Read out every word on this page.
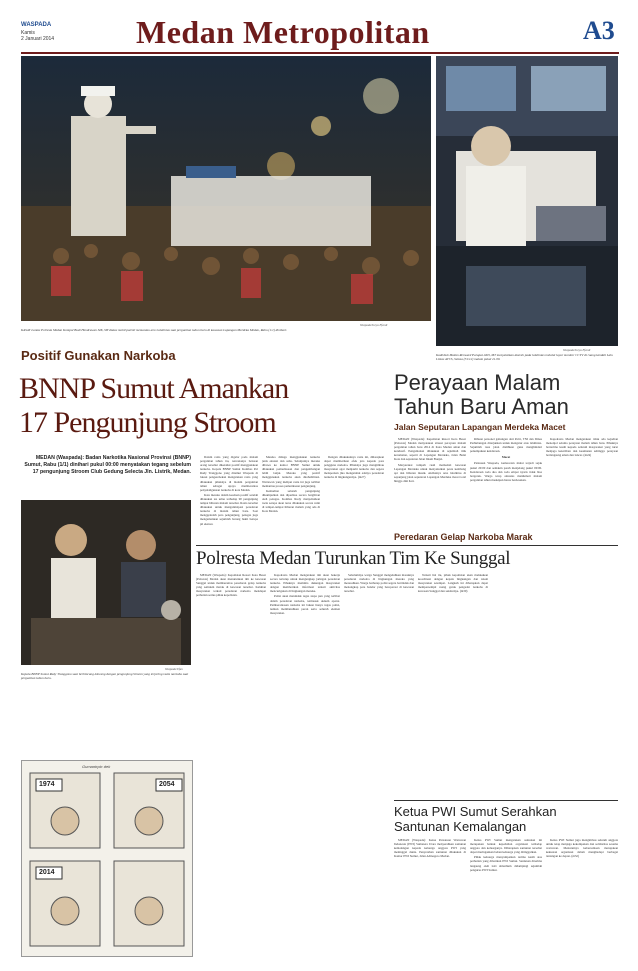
WASPADA
Kamis
2 Januari 2014	Medan Metropolitan	A3
Waspada/Surya Efendi
KASAT Lantas Polresta Medan Kompol Budi Hendrawan SIK, SH diatas mobil patroli memantau arus lalulintas saat pergantian tahun baru di kawasan Lapangan Merdeka Medan, Rabu (1/1) dinihari.
Waspada/Surya Efendi
Kadishub Medan Renward Parapat ATD, MT menyaksikan daerah pada lalulintas melalui layar monitor CCTV di ruang kendali Lalu Lintas ATCS, Selasa (31/12) malam pukul 21.00.
Positif Gunakan Narkoba
BNNP Sumut Amankan
17 Pengunjung Stroom
MEDAN (Waspada): Badan Narkotika Nasional Provinsi (BNNP) Sumut, Rabu (1/1) dinihari pukul 00:00 menyatakan tegang sebelum 17 pengunjung Stroom Club Gedung Selecta Jln. Listrik, Medan.

Dalam razia yang digelar pada malam pergantian tahun itu, rencananya belasan orang tersebut diketahui positif menggunakan narkoba. Kepala BNNP Sumut Kombes Pol Rudy Tranggono yang ditemui Waspada di lokasi pengerebekan mengatakan razia yang dilakukan pihaknya di malam pergantian tahun sebagai upaya memberantas penyalahgunaan narkoba di kota Medan.

Kata mereka dalam keadaan positif setelah dilakukan tes urine terhadap 90 pengunjung tempat hiburan malam tersebut. Razia tersebut dilakukan untuk mengantisipasi peredaran narkoba di malam tahun baru. Saat menggeledah para pengunjung, petugas juga mengamankan sejumlah barang bukti berupa pil ekstasi.

Mereka diduga menggunakan narkoba jenis ekstasi dan sabu. Selanjutnya mereka dibawa ke kantor BNNP Sumut untuk dilakukan pemeriksaan dan pengembangan lebih lanjut. Mereka yang positif menggunakan narkoba akan direhabilitasi. Wartawan yang meliput razia ini juga terlihat memantau proses pemeriksaan pengunjung.

Kemudian seluruh pengunjung dikumpulkan dan diperiksa secara bergiliran oleh petugas. Kombes Rudy menyebutkan razia serupa akan terus dilakukan secara rutin di tempat-tempat hiburan malam yang ada di Kota Medan.

Dengan dilakukannya razia ini, diharapkan dapat memberikan efek jera kepada para pengguna narkoba. Pihaknya juga mengimbau masyarakat agar menjauhi narkoba dan segera melaporkan jika mengetahui adanya peredaran narkoba di lingkungannya. (m27)

Waspada/Irfan
Kepala BNNP Sumut Rudy Tranggono saat berbincang-bincang dengan pengunjung Stroom yang terjaring razia narkoba saat pergantian tahun baru.
Perayaan Malam
Tahun Baru Aman
Jalan Seputaran Lapangan Merdeka Macet

MEDAN (Waspada): Kepolisian Resort Kota Besar (Polresta) Medan menyatakan situasi perayaan malam pergantian tahun baru 2014 di Kota Medan aman dan kondusif. Pengamanan dilakukan di sejumlah titik keramaian, seperti di Lapangan Merdeka, Jalan Balai Kota dan seputaran Jalan Imam Bonjol.

Masyarakat tumpah ruah memadati kawasan Lapangan Merdeka untuk menyaksikan pesta kembang api dan hiburan musik. Akibatnya arus lalulintas di sepanjang jalan seputaran Lapangan Merdeka macet total hingga dini hari.

Ribuan personel gabungan dari Polri, TNI dan Dinas Perhubungan diterjunkan untuk mengatur arus lalulintas. Sejumlah ruas jalan dialihkan guna menghindari penumpukan kendaraan.

Macet

Pantauan Waspada, kemacetan mulai terjadi sejak pukul 20:00 dan semakin parah menjelang pukul 00:00. Kendaraan roda dua dan roda empat nyaris tidak bisa bergerak. Warga tetap antusias menikmati malam pergantian tahun meskipun harus berdesakan.

Kapolresta Medan mengatakan tidak ada kejadian menonjol selama perayaan malam tahun baru. Pihaknya berterima kasih kepada seluruh masyarakat yang turut menjaga ketertiban dan keamanan sehingga perayaan berlangsung aman dan lancar. (m24)

Peredaran Gelap Narkoba Marak
Polresta Medan Turunkan Tim Ke Sunggal

MEDAN (Waspada): Kepolisian Resort Kota Besar (Polresta) Medan akan menurunkan tim ke kawasan Sunggal untuk memberantas peredaran gelap narkoba yang semakin marak di kawasan tersebut. Keluhan masyarakat terkait peredaran narkoba mendapat perhatian serius pihak kepolisian.

Kapolresta Medan mengatakan tim akan bekerja secara tertutup untuk mengungkap jaringan peredaran narkoba. Pihaknya meminta dukungan masyarakat dengan memberikan informasi terkait aktivitas mencurigakan di lingkungan mereka.

Polisi akan menindak tegas siapa pun yang terlibat dalam peredaran narkoba, termasuk oknum aparat. Pemberantasan narkoba ini bukan hanya tugas polisi, namun membutuhkan peran serta seluruh elemen masyarakat.

Sebelumnya warga Sunggal mengeluhkan maraknya peredaran narkoba di lingkungan mereka yang meresahkan. Warga berharap polisi segera bertindak dan menangkap para bandar yang beroperasi di kawasan tersebut.

Terkait hal itu, pihak kepolisian akan melakukan koordinasi dengan kepala lingkungan dan tokoh masyarakat setempat. Langkah ini diharapkan dapat mempersempit ruang gerak pengedar narkoba di kawasan Sunggal dan sekitarnya. (m39)

Gumantrpic dek
1974	2054
2014
Ketua PWI Sumut Serahkan
Santunan Kemalangan

MEDAN (Waspada): Ketua Persatuan Wartawan Indonesia (PWI) Sumatera Utara menyerahkan santunan kemalangan kepada keluarga anggota PWI yang meninggal dunia. Penyerahan santunan dilakukan di Kantor PWI Sumut, Jalan Adinegoro Medan.

Ketua PWI Sumut mengatakan santunan ini merupakan bentuk kepedulian organisasi terhadap anggota dan keluarganya. Diharapkan santunan tersebut dapat meringankan beban keluarga yang ditinggalkan.

Pihak keluarga menyampaikan terima kasih atas perhatian yang diberikan PWI Sumut. Santunan diterima langsung oleh istri almarhum didampingi sejumlah pengurus PWI Sumut.

Ketua PWI Sumut juga mengimbau seluruh anggota untuk tetap menjaga kekompakan dan solidaritas sesama wartawan. Menurutnya kebersamaan merupakan kekuatan organisasi dalam menghadapi berbagai tantangan ke depan. (m32)
